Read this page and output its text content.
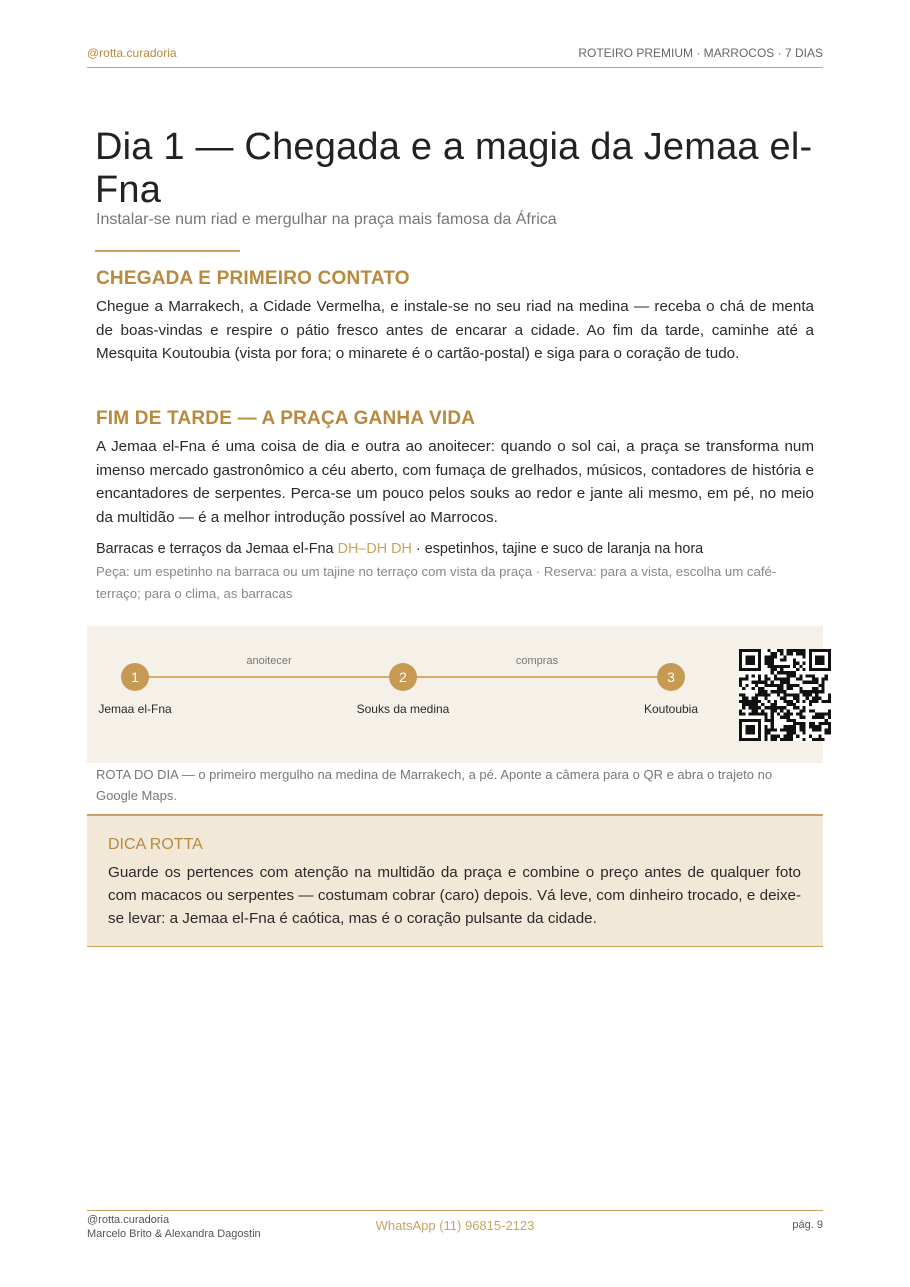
@rotta.curadoria	ROTEIRO PREMIUM · MARROCOS · 7 DIAS
Dia 1 — Chegada e a magia da Jemaa el-Fna
Instalar-se num riad e mergulhar na praça mais famosa da África
CHEGADA E PRIMEIRO CONTATO

Chegue a Marrakech, a Cidade Vermelha, e instale-se no seu riad na medina — receba o chá de menta de boas-vindas e respire o pátio fresco antes de encarar a cidade. Ao fim da tarde, caminhe até a Mesquita Koutoubia (vista por fora; o minarete é o cartão-postal) e siga para o coração de tudo.

FIM DE TARDE — A PRAÇA GANHA VIDA

A Jemaa el-Fna é uma coisa de dia e outra ao anoitecer: quando o sol cai, a praça se transforma num imenso mercado gastronômico a céu aberto, com fumaça de grelhados, músicos, contadores de história e encantadores de serpentes. Perca-se um pouco pelos souks ao redor e jante ali mesmo, em pé, no meio da multidão — é a melhor introdução possível ao Marrocos.

Barracas e terraços da Jemaa el-Fna DH–DH DH · espetinhos, tajine e suco de laranja na hora
Peça: um espetinho na barraca ou um tajine no terraço com vista da praça · Reserva: para a vista, escolha um café-terraço; para o clima, as barracas
anoitecer	compras
1	2	3
Jemaa el-Fna	Souks da medina	Koutoubia
ROTA DO DIA — o primeiro mergulho na medina de Marrakech, a pé. Aponte a câmera para o QR e abra o trajeto no Google Maps.
DICA ROTTA

Guarde os pertences com atenção na multidão da praça e combine o preço antes de qualquer foto com macacos ou serpentes — costumam cobrar (caro) depois. Vá leve, com dinheiro trocado, e deixe-se levar: a Jemaa el-Fna é caótica, mas é o coração pulsante da cidade.

@rotta.curadoria
Marcelo Brito & Alexandra Dagostin
WhatsApp (11) 96815-2123	pág. 9
